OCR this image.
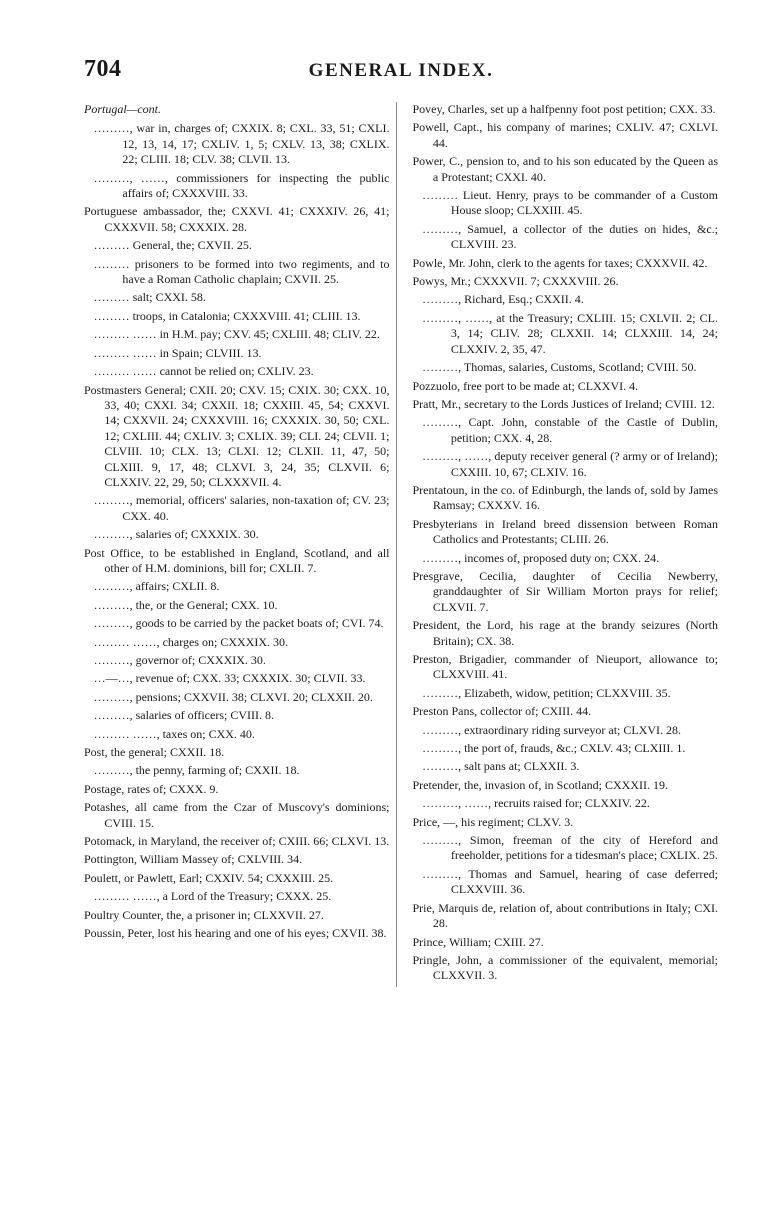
704	GENERAL INDEX.

Portugal—cont.

………, war in, charges of; CXXIX. 8; CXL. 33, 51; CXLI. 12, 13, 14, 17; CXLIV. 1, 5; CXLV. 13, 38; CXLIX. 22; CLIII. 18; CLV. 38; CLVII. 13.

………, ……, commissioners for inspecting the public affairs of; CXXXVIII. 33.

Portuguese ambassador, the; CXXVI. 41; CXXXIV. 26, 41; CXXXVII. 58; CXXXIX. 28.

……… General, the; CXVII. 25.

……… prisoners to be formed into two regiments, and to have a Roman Catholic chaplain; CXVII. 25.

……… salt; CXXI. 58.

……… troops, in Catalonia; CXXXVIII. 41; CLIII. 13.

……… …… in H.M. pay; CXV. 45; CXLIII. 48; CLIV. 22.

……… …… in Spain; CLVIII. 13.

……… …… cannot be relied on; CXLIV. 23.

Postmasters General; CXII. 20; CXV. 15; CXIX. 30; CXX. 10, 33, 40; CXXI. 34; CXXII. 18; CXXIII. 45, 54; CXXVI. 14; CXXVII. 24; CXXXVIII. 16; CXXXIX. 30, 50; CXL. 12; CXLIII. 44; CXLIV. 3; CXLIX. 39; CLI. 24; CLVII. 1; CLVIII. 10; CLX. 13; CLXI. 12; CLXII. 11, 47, 50; CLXIII. 9, 17, 48; CLXVI. 3, 24, 35; CLXVII. 6; CLXXIV. 22, 29, 50; CLXXXVII. 4.

………, memorial, officers' salaries, non-taxation of; CV. 23; CXX. 40.

………, salaries of; CXXXIX. 30.

Post Office, to be established in England, Scotland, and all other of H.M. dominions, bill for; CXLII. 7.

………, affairs; CXLII. 8.

………, the, or the General; CXX. 10.

………, goods to be carried by the packet boats of; CVI. 74.

……… ……, charges on; CXXXIX. 30.

………, governor of; CXXXIX. 30.

…—…, revenue of; CXX. 33; CXXXIX. 30; CLVII. 33.

………, pensions; CXXVII. 38; CLXVI. 20; CLXXII. 20.

………, salaries of officers; CVIII. 8.

……… ……, taxes on; CXX. 40.

Post, the general; CXXII. 18.

………, the penny, farming of; CXXII. 18.

Postage, rates of; CXXX. 9.

Potashes, all came from the Czar of Muscovy's dominions; CVIII. 15.

Potomack, in Maryland, the receiver of; CXIII. 66; CLXVI. 13.

Pottington, William Massey of; CXLVIII. 34.

Poulett, or Pawlett, Earl; CXXIV. 54; CXXXIII. 25.

……… ……, a Lord of the Treasury; CXXX. 25.

Poultry Counter, the, a prisoner in; CLXXVII. 27.

Poussin, Peter, lost his hearing and one of his eyes; CXVII. 38.

Povey, Charles, set up a halfpenny foot post petition; CXX. 33.

Powell, Capt., his company of marines; CXLIV. 47; CXLVI. 44.

Power, C., pension to, and to his son educated by the Queen as a Protestant; CXXI. 40.

……… Lieut. Henry, prays to be commander of a Custom House sloop; CLXXIII. 45.

………, Samuel, a collector of the duties on hides, &c.; CLXVIII. 23.

Powle, Mr. John, clerk to the agents for taxes; CXXXVII. 42.

Powys, Mr.; CXXXVII. 7; CXXXVIII. 26.

………, Richard, Esq.; CXXII. 4.

………, ……, at the Treasury; CXLIII. 15; CXLVII. 2; CL. 3, 14; CLIV. 28; CLXXII. 14; CLXXIII. 14, 24; CLXXIV. 2, 35, 47.

………, Thomas, salaries, Customs, Scotland; CVIII. 50.

Pozzuolo, free port to be made at; CLXXVI. 4.

Pratt, Mr., secretary to the Lords Justices of Ireland; CVIII. 12.

………, Capt. John, constable of the Castle of Dublin, petition; CXX. 4, 28.

………, ……, deputy receiver general (? army or of Ireland); CXXIII. 10, 67; CLXIV. 16.

Prentatoun, in the co. of Edinburgh, the lands of, sold by James Ramsay; CXXXV. 16.

Presbyterians in Ireland breed dissension between Roman Catholics and Protestants; CLIII. 26.

………, incomes of, proposed duty on; CXX. 24.

Presgrave, Cecilia, daughter of Cecilia Newberry, granddaughter of Sir William Morton prays for relief; CLXVII. 7.

President, the Lord, his rage at the brandy seizures (North Britain); CX. 38.

Preston, Brigadier, commander of Nieuport, allowance to; CLXXVIII. 41.

………, Elizabeth, widow, petition; CLXXVIII. 35.

Preston Pans, collector of; CXIII. 44.

………, extraordinary riding surveyor at; CLXVI. 28.

………, the port of, frauds, &c.; CXLV. 43; CLXIII. 1.

………, salt pans at; CLXXII. 3.

Pretender, the, invasion of, in Scotland; CXXXII. 19.

………, ……, recruits raised for; CLXXIV. 22.

Price, —, his regiment; CLXV. 3.

………, Simon, freeman of the city of Hereford and freeholder, petitions for a tidesman's place; CXLIX. 25.

………, Thomas and Samuel, hearing of case deferred; CLXXVIII. 36.

Prie, Marquis de, relation of, about contributions in Italy; CXI. 28.

Prince, William; CXIII. 27.

Pringle, John, a commissioner of the equivalent, memorial; CLXXVII. 3.
